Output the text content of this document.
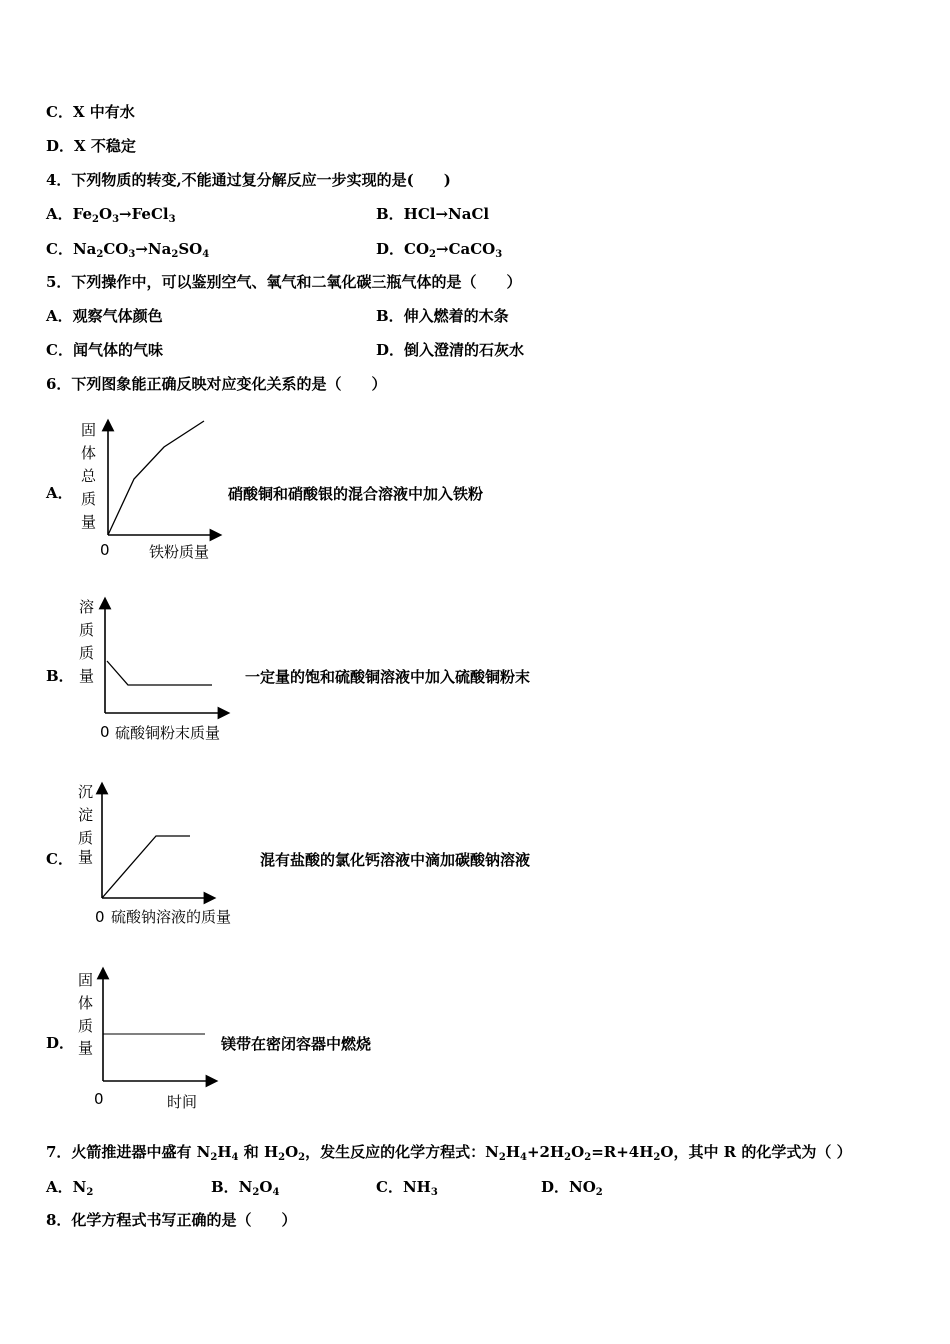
C．X 中有水
D．X 不稳定
4．下列物质的转变,不能通过复分解反应一步实现的是(　　)
A．$Fe_2O_3\to FeCl_3$	B．HCl→NaCl
C．$Na_2CO_3\to Na_2SO_4$	D．$CO_2\to CaCO_3$
5．下列操作中，可以鉴别空气、氧气和二氧化碳三瓶气体的是（　　）
A．观察气体颜色	B．伸入燃着的木条
C．闻气体的气味	D．倒入澄清的石灰水
6．下列图象能正确反映对应变化关系的是（　　）
A．
固
体
总
质
量
0	铁粉质量
硝酸铜和硝酸银的混合溶液中加入铁粉
B．
溶
质
质
量
0 硫酸铜粉末质量
一定量的饱和硫酸铜溶液中加入硫酸铜粉末
C．
沉
淀
质
量
0 硫酸钠溶液的质量
混有盐酸的氯化钙溶液中滴加碳酸钠溶液
D．
固
体
质
量
0	时间
镁带在密闭容器中燃烧
7．火箭推进器中盛有 $N_2H_4$ 和 $H_2O_2$，发生反应的化学方程式：$N_2H_4+2H_2O_2=R+4H_2O$，其中 R 的化学式为（ ）
A．$N_2$	B．$N_2O_4$	C．$NH_3$	D．$NO_2$
8．化学方程式书写正确的是（　　）
